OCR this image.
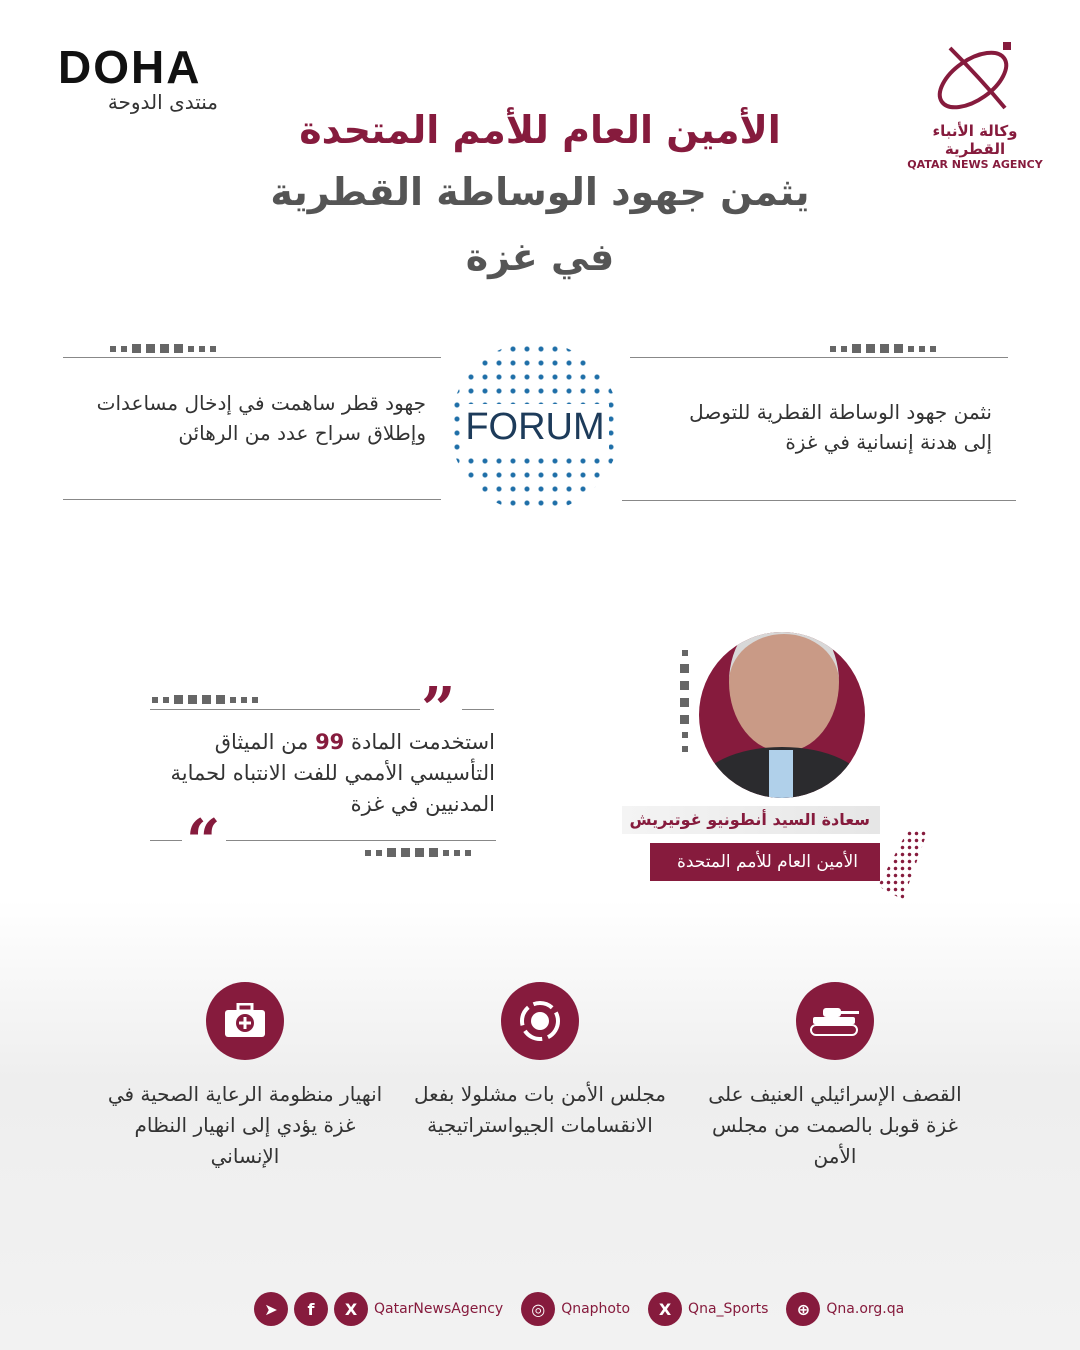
DOHA
منتدى الدوحة
وكالة الأنباء القطرية
QATAR NEWS AGENCY
الأمين العام للأمم المتحدة
يثمن جهود الوساطة القطرية
في غزة
جهود قطر ساهمت في إدخال مساعدات
وإطلاق سراح عدد من الرهائن
نثمن جهود الوساطة القطرية للتوصل
إلى هدنة إنسانية في غزة
FORUM
”
استخدمت المادة 99 من الميثاق التأسيسي الأممي للفت الانتباه لحماية المدنيين في غزة
“	سعادة السيد أنطونيو غوتيريش
الأمين العام للأمم المتحدة
القصف الإسرائيلي العنيف على غزة قوبل بالصمت من مجلس الأمن
مجلس الأمن بات مشلولا بفعل الانقسامات الجيواستراتيجية
انهيار منظومة الرعاية الصحية في غزة يؤدي إلى انهيار النظام الإنساني
➤	f	X	QatarNewsAgency	◎	Qnaphoto	X	Qna_Sports	⊕	Qna.org.qa
